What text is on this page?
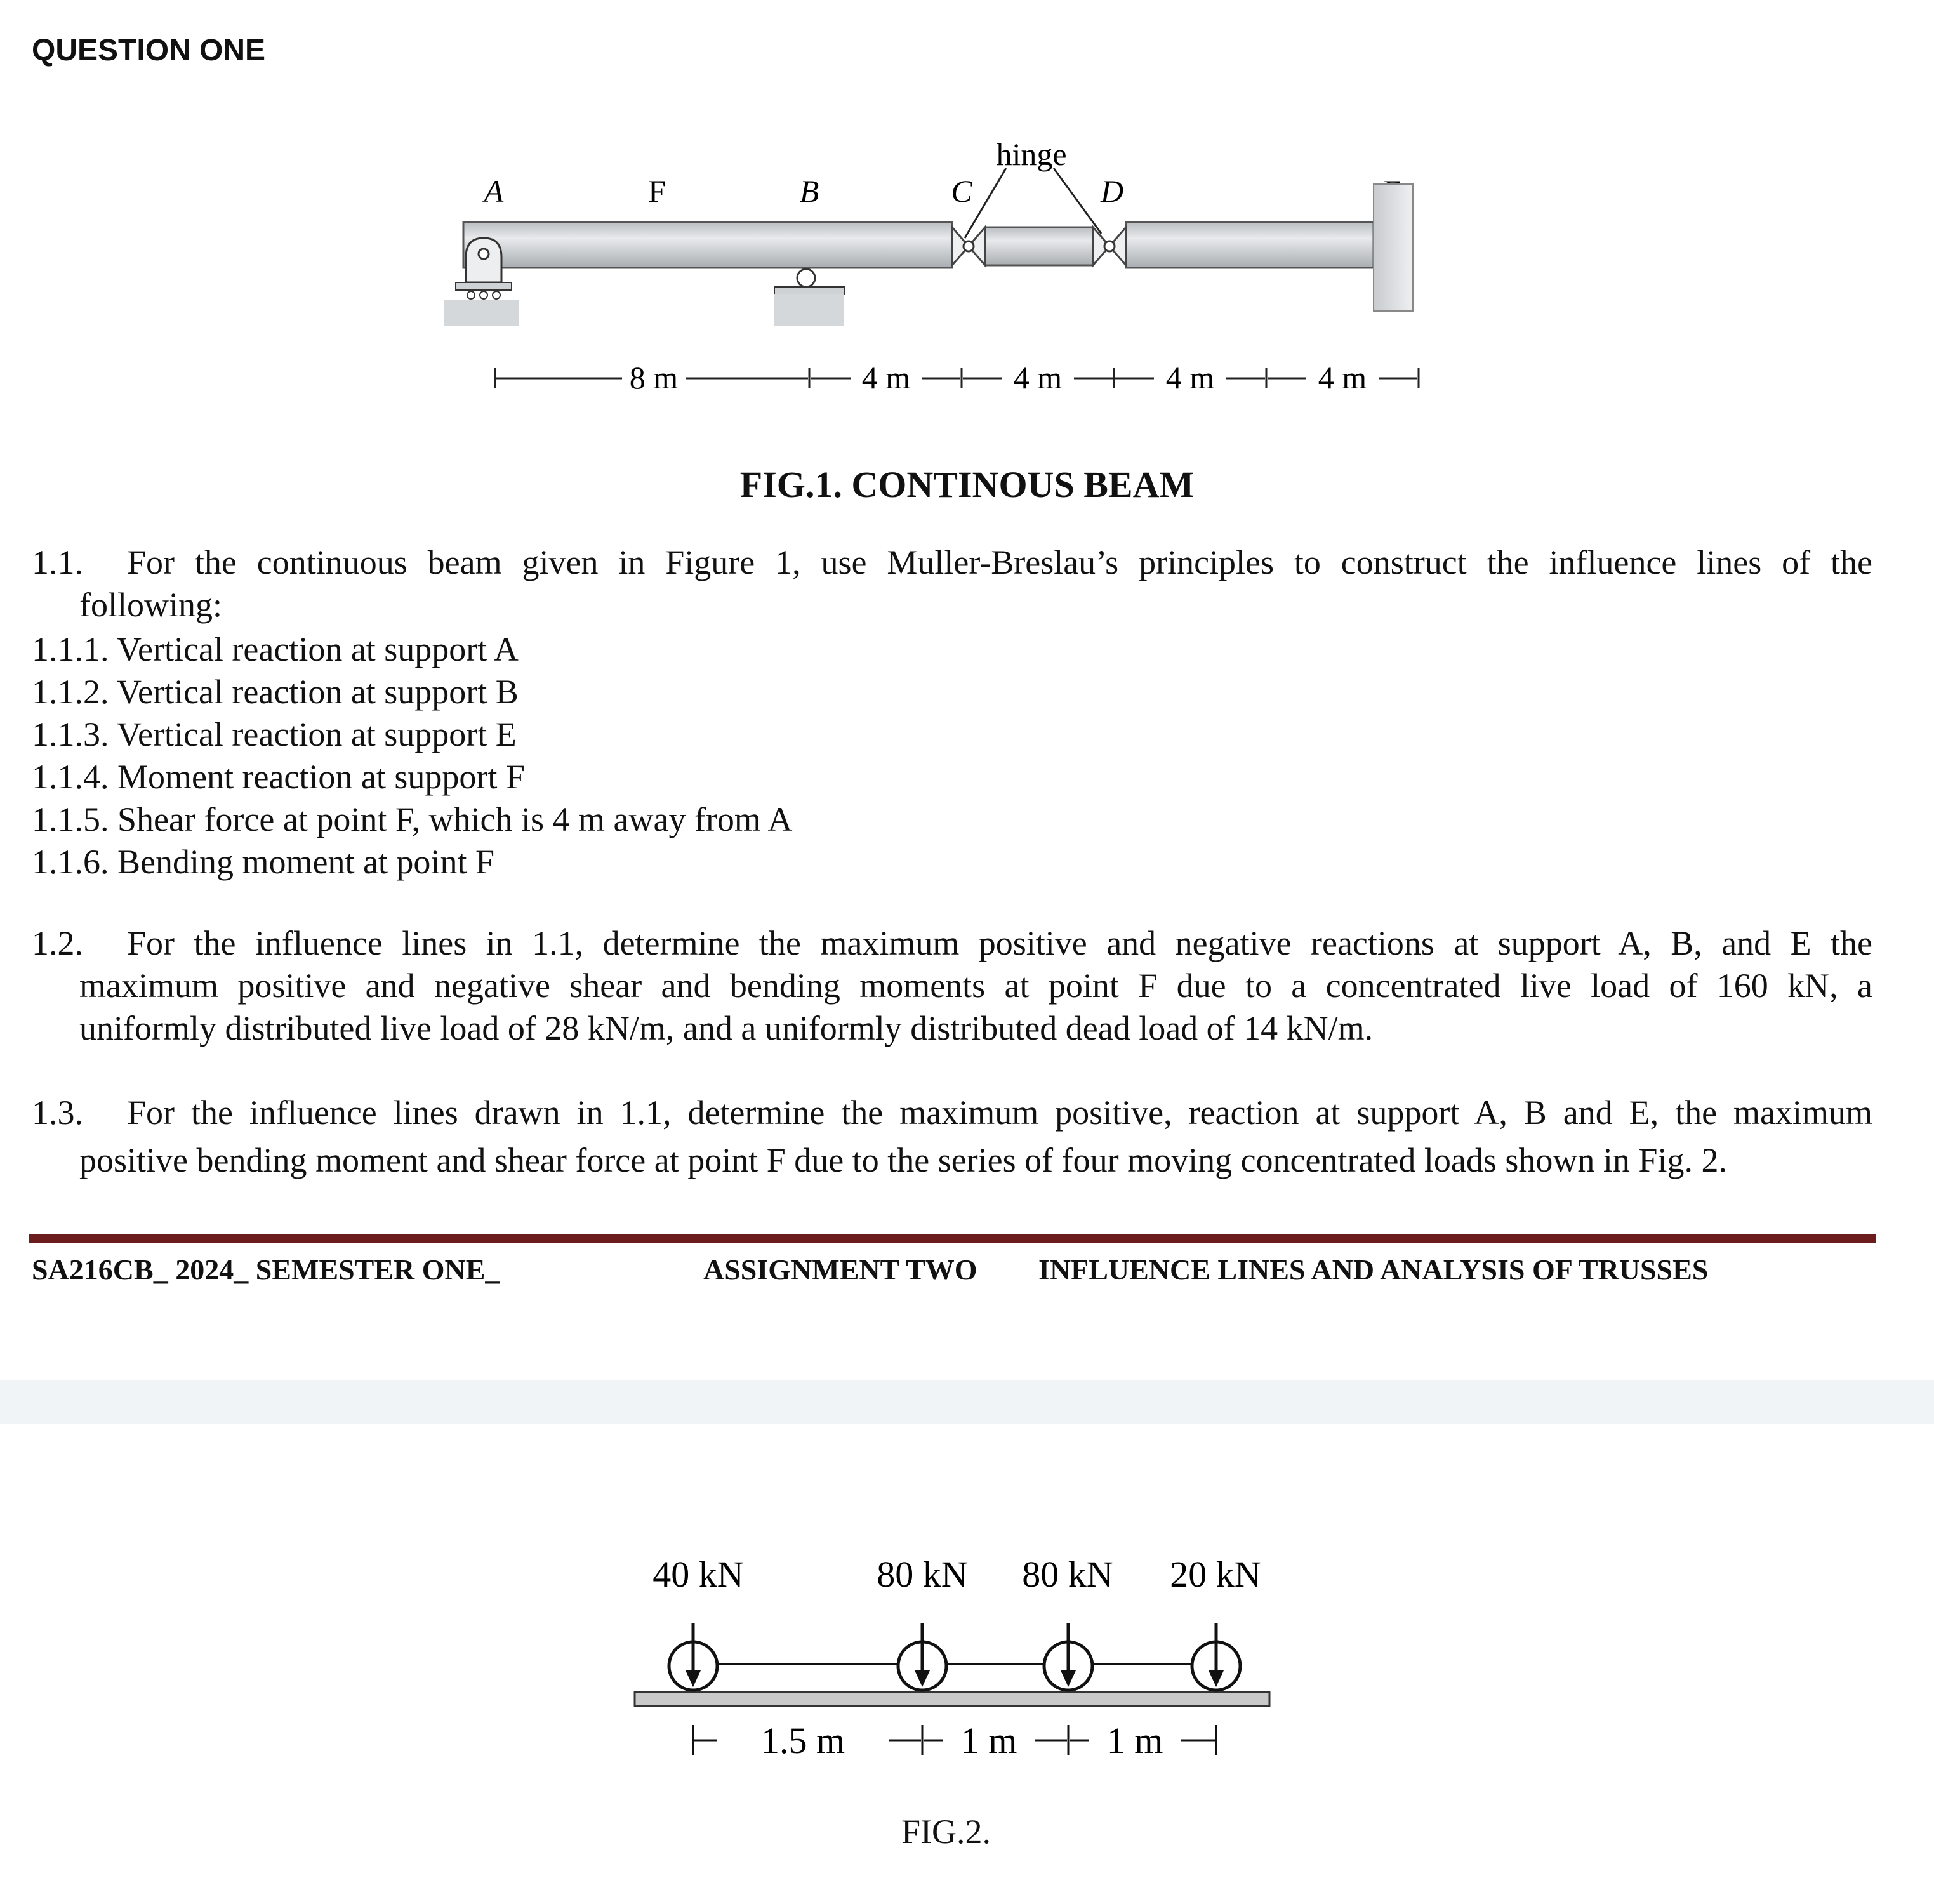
QUESTION ONE
A	F	B	C
hinge
D
8 m	4 m	4 m	4 m	4 m
FIG.1. CONTINOUS BEAM
1.1.	For the continuous beam given in Figure 1, use Muller-Breslau’s principles to construct the influence lines of the
following:
1.1.1. Vertical reaction at support A
1.1.2. Vertical reaction at support B
1.1.3. Vertical reaction at support E
1.1.4. Moment reaction at support F
1.1.5. Shear force at point F, which is 4 m away from A
1.1.6. Bending moment at point F
1.2.	For the influence lines in 1.1, determine the maximum positive and negative reactions at support A, B, and E the
maximum positive and negative shear and bending moments at point F due to a concentrated live load of 160 kN, a
uniformly distributed live load of 28 kN/m, and a uniformly distributed dead load of 14 kN/m.
1.3.	For the influence lines drawn in 1.1, determine the maximum positive, reaction at support A, B and E, the maximum
positive bending moment and shear force at point F due to the series of four moving concentrated loads shown in Fig. 2.
SA216CB_ 2024_ SEMESTER ONE_	ASSIGNMENT TWO INFLUENCE LINES AND ANALYSIS OF TRUSSES
40 kN	80 kN 80 kN 20 kN
1.5 m	1 m 1 m
FIG.2.
